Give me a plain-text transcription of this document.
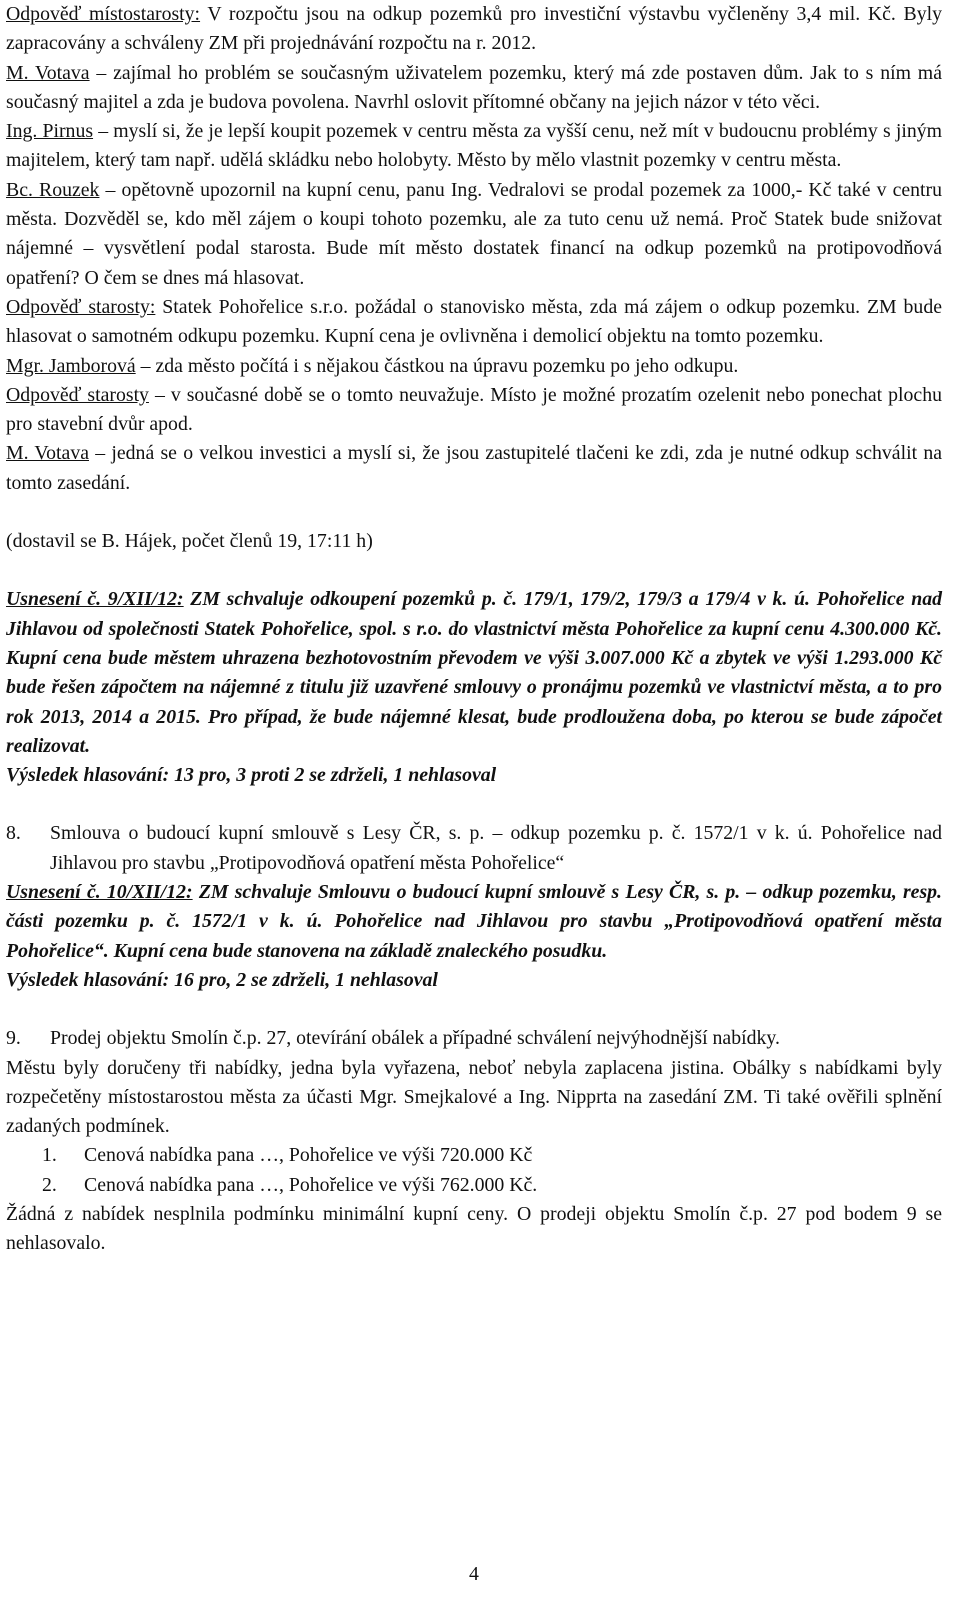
Odpověď místostarosty: V rozpočtu jsou na odkup pozemků pro investiční výstavbu vyčleněny 3,4 mil. Kč. Byly zapracovány a schváleny ZM při projednávání rozpočtu na r. 2012.

M. Votava – zajímal ho problém se současným uživatelem pozemku, který má zde postaven dům. Jak to s ním má současný majitel a zda je budova povolena. Navrhl oslovit přítomné občany na jejich názor v této věci.

Ing. Pirnus – myslí si, že je lepší koupit pozemek v centru města za vyšší cenu, než mít v budoucnu problémy s jiným majitelem, který tam např. udělá skládku nebo holobyty. Město by mělo vlastnit pozemky v centru města.

Bc. Rouzek – opětovně upozornil na kupní cenu, panu Ing. Vedralovi se prodal pozemek za 1000,- Kč také v centru města. Dozvěděl se, kdo měl zájem o koupi tohoto pozemku, ale za tuto cenu už nemá. Proč Statek bude snižovat nájemné – vysvětlení podal starosta. Bude mít město dostatek financí na odkup pozemků na protipovodňová opatření? O čem se dnes má hlasovat.

Odpověď starosty: Statek Pohořelice s.r.o. požádal o stanovisko města, zda má zájem o odkup pozemku. ZM bude hlasovat o samotném odkupu pozemku. Kupní cena je ovlivněna i demolicí objektu na tomto pozemku.

Mgr. Jamborová – zda město počítá i s nějakou částkou na úpravu pozemku po jeho odkupu.

Odpověď starosty – v současné době se o tomto neuvažuje. Místo je možné prozatím ozelenit nebo ponechat plochu pro stavební dvůr apod.

M. Votava – jedná se o velkou investici a myslí si, že jsou zastupitelé tlačeni ke zdi, zda je nutné odkup schválit na tomto zasedání.

(dostavil se B. Hájek, počet členů 19, 17:11 h)

Usnesení č. 9/XII/12: ZM schvaluje odkoupení pozemků p. č. 179/1, 179/2, 179/3 a 179/4 v k. ú. Pohořelice nad Jihlavou od společnosti Statek Pohořelice, spol. s r.o. do vlastnictví města Pohořelice za kupní cenu 4.300.000 Kč. Kupní cena bude městem uhrazena bezhotovostním převodem ve výši 3.007.000 Kč a zbytek ve výši 1.293.000 Kč bude řešen zápočtem na nájemné z titulu již uzavřené smlouvy o pronájmu pozemků ve vlastnictví města, a to pro rok 2013, 2014 a 2015. Pro případ, že bude nájemné klesat, bude prodloužena doba, po kterou se bude zápočet realizovat.

Výsledek hlasování: 13 pro, 3 proti 2 se zdrželi, 1 nehlasoval

8.	Smlouva o budoucí kupní smlouvě s Lesy ČR, s. p. – odkup pozemku p. č. 1572/1 v k. ú. Pohořelice nad Jihlavou pro stavbu „Protipovodňová opatření města Pohořelice“

Usnesení č. 10/XII/12: ZM schvaluje Smlouvu o budoucí kupní smlouvě s Lesy ČR, s. p. – odkup pozemku, resp. části pozemku p. č. 1572/1 v k. ú. Pohořelice nad Jihlavou pro stavbu „Protipovodňová opatření města Pohořelice“. Kupní cena bude stanovena na základě znaleckého posudku.

Výsledek hlasování: 16 pro, 2 se zdrželi, 1 nehlasoval

9.	Prodej objektu Smolín č.p. 27, otevírání obálek a případné schválení nejvýhodnější nabídky.

Městu byly doručeny tři nabídky, jedna byla vyřazena, neboť nebyla zaplacena jistina. Obálky s nabídkami byly rozpečetěny místostarostou města za účasti Mgr. Smejkalové a Ing. Nipprta na zasedání ZM. Ti také ověřili splnění zadaných podmínek.

1.	Cenová nabídka pana …, Pohořelice ve výši 720.000 Kč
2.	Cenová nabídka pana …, Pohořelice ve výši 762.000 Kč.

Žádná z nabídek nesplnila podmínku minimální kupní ceny. O prodeji objektu Smolín č.p. 27 pod bodem 9 se nehlasovalo.

4
